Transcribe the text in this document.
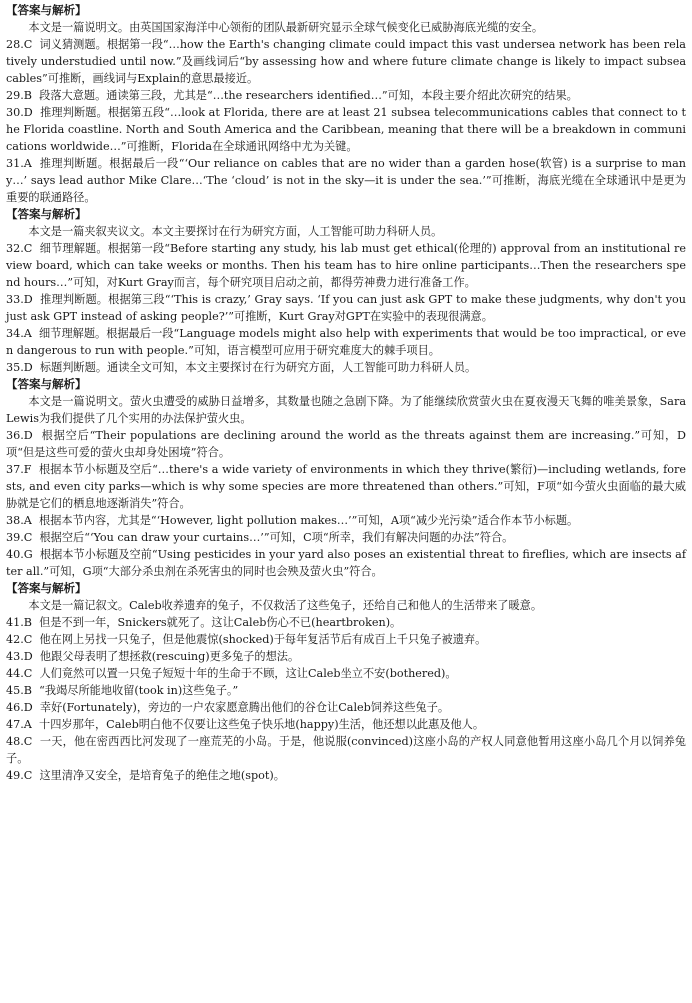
【答案与解析】

本文是一篇说明文。由英国国家海洋中心领衔的团队最新研究显示全球气候变化已威胁海底光缆的安全。

28.C 词义猜测题。根据第一段“…how the Earth's changing climate could impact this vast undersea network has been relatively understudied until now.”及画线词后“by assessing how and where future climate change is likely to impact subsea cables”可推断，画线词与Explain的意思最接近。

29.B 段落大意题。通读第三段，尤其是“…the researchers identified…”可知，本段主要介绍此次研究的结果。

30.D 推理判断题。根据第五段“…look at Florida, there are at least 21 subsea telecommunications cables that connect to the Florida coastline. North and South America and the Caribbean, meaning that there will be a breakdown in communications worldwide…”可推断，Florida在全球通讯网络中尤为关键。

31.A 推理判断题。根据最后一段“‘Our reliance on cables that are no wider than a garden hose(软管) is a surprise to many…’ says lead author Mike Clare…‘The ‘cloud’ is not in the sky—it is under the sea.’”可推断，海底光缆在全球通讯中是更为重要的联通路径。

【答案与解析】

本文是一篇夹叙夹议文。本文主要探讨在行为研究方面，人工智能可助力科研人员。

32.C 细节理解题。根据第一段“Before starting any study, his lab must get ethical(伦理的) approval from an institutional review board, which can take weeks or months. Then his team has to hire online participants…Then the researchers spend hours…”可知，对Kurt Gray而言，每个研究项目启动之前，都得劳神费力进行准备工作。

33.D 推理判断题。根据第三段“‘This is crazy,’ Gray says. ‘If you can just ask GPT to make these judgments, why don't you just ask GPT instead of asking people?’”可推断，Kurt Gray对GPT在实验中的表现很满意。

34.A 细节理解题。根据最后一段“Language models might also help with experiments that would be too impractical, or even dangerous to run with people.”可知，语言模型可应用于研究难度大的棘手项目。

35.D 标题判断题。通读全文可知，本文主要探讨在行为研究方面，人工智能可助力科研人员。

【答案与解析】

本文是一篇说明文。萤火虫遭受的威胁日益增多，其数量也随之急剧下降。为了能继续欣赏萤火虫在夏夜漫天飞舞的唯美景象，Sara Lewis为我们提供了几个实用的办法保护萤火虫。

36.D 根据空后“Their populations are declining around the world as the threats against them are increasing.”可知，D项“但是这些可爱的萤火虫却身处困境”符合。

37.F 根据本节小标题及空后“…there's a wide variety of environments in which they thrive(繁衍)—including wetlands, forests, and even city parks—which is why some species are more threatened than others.”可知，F项“如今萤火虫面临的最大威胁就是它们的栖息地逐渐消失”符合。

38.A 根据本节内容，尤其是“‘However, light pollution makes…’”可知，A项“减少光污染”适合作本节小标题。

39.C 根据空后“‘You can draw your curtains…’”可知，C项“所幸，我们有解决问题的办法”符合。

40.G 根据本节小标题及空前“Using pesticides in your yard also poses an existential threat to fireflies, which are insects after all.”可知，G项“大部分杀虫剂在杀死害虫的同时也会殃及萤火虫”符合。

【答案与解析】

本文是一篇记叙文。Caleb收养遗弃的兔子，不仅救活了这些兔子，还给自己和他人的生活带来了暖意。

41.B 但是不到一年，Snickers就死了。这让Caleb伤心不已(heartbroken)。

42.C 他在网上另找一只兔子，但是他震惊(shocked)于每年复活节后有成百上千只兔子被遗弃。

43.D 他跟父母表明了想拯救(rescuing)更多兔子的想法。

44.C 人们竟然可以置一只兔子短短十年的生命于不顾，这让Caleb坐立不安(bothered)。

45.B “我竭尽所能地收留(took in)这些兔子。”

46.D 幸好(Fortunately)，旁边的一户农家愿意腾出他们的谷仓让Caleb饲养这些兔子。

47.A 十四岁那年，Caleb明白他不仅要让这些兔子快乐地(happy)生活，他还想以此惠及他人。

48.C 一天，他在密西西比河发现了一座荒芜的小岛。于是，他说服(convinced)这座小岛的产权人同意他暂用这座小岛几个月以饲养兔子。

49.C 这里清净又安全，是培育兔子的绝佳之地(spot)。
